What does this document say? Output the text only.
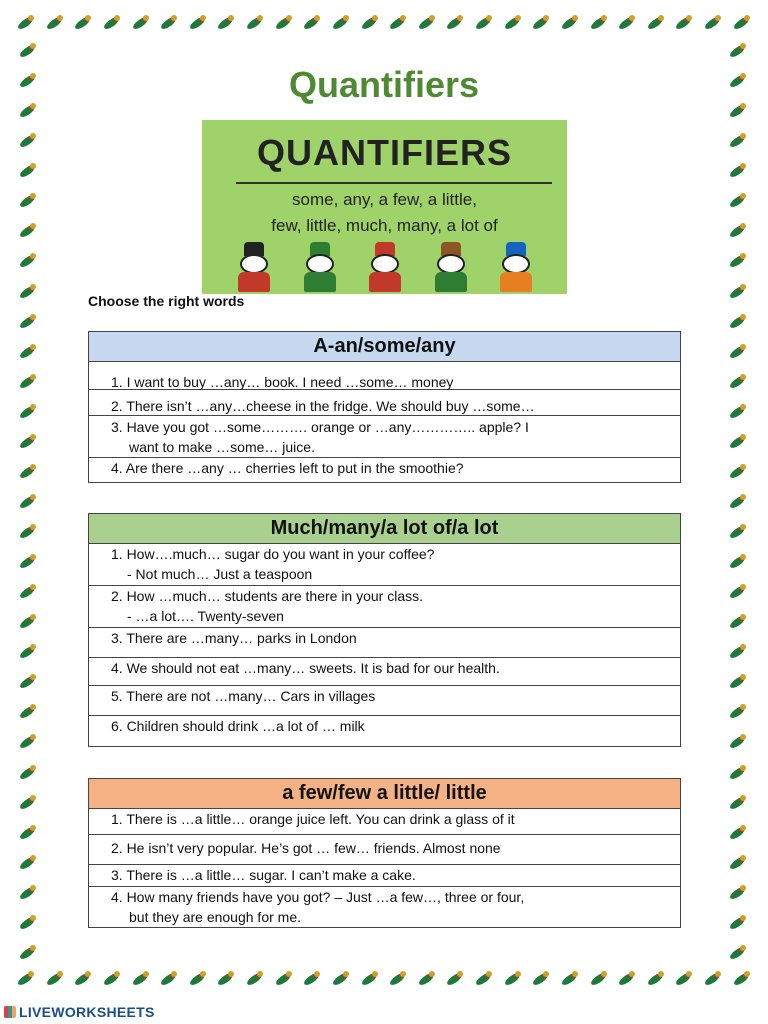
Quantifiers
QUANTIFIERS
some, any, a few, a little,
few, little, much, many, a lot of
Choose the right words
A-an/some/any
1. I want to buy …any… book. I need …some… money
2. There isn’t …any…cheese in the fridge. We should buy …some…
3. Have you got …some………. orange or …any………….. apple? I
want to make …some… juice.
4. Are there …any … cherries left to put in the smoothie?
Much/many/a lot of/a lot
1. How….much… sugar do you want in your coffee?
- Not much… Just a teaspoon
2. How …much… students are there in your class.
- …a lot…. Twenty-seven
3. There are …many… parks in London
4. We should not eat …many… sweets. It is bad for our health.
5. There are not …many… Cars in villages
6. Children should drink …a lot of … milk
a few/few a little/ little
1. There is …a little… orange juice left. You can drink a glass of it
2. He isn’t very popular. He’s got … few… friends. Almost none
3. There is …a little… sugar. I can’t make a cake.
4. How many friends have you got? – Just …a few…, three or four,
but they are enough for me.
LIVEWORKSHEETS
